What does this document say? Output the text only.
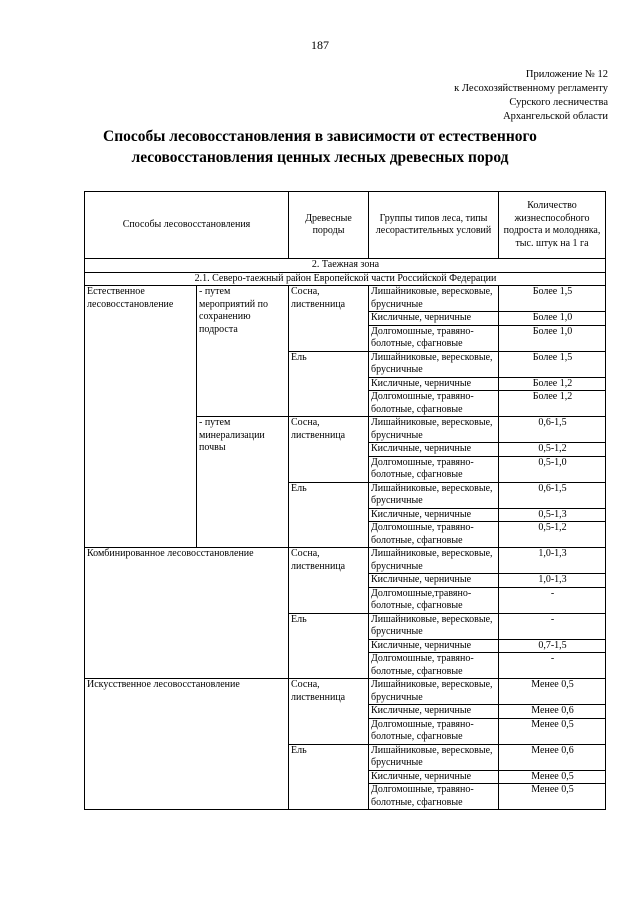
187
Приложение № 12
к Лесохозяйственному регламенту
Сурского лесничества
Архангельской области
Способы лесовосстановления в зависимости от естественного
лесовосстановления ценных лесных древесных пород
Способы лесовосстановления		Древесные породы	Группы типов леса, типы лесорастительных условий	Количество жизнеспособного подроста и молодняка, тыс. штук на 1 га
2. Таежная зона				
2.1. Северо-таежный район Европейской части Российской Федерации				
Естественное лесовосстановление	- путем мероприятий по сохранению подроста	Сосна, лиственница	Лишайниковые, вересковые, брусничные	Более 1,5
			Кисличные, черничные	Более 1,0
			Долгомошные, травяно-болотные, сфагновые	Более 1,0
		Ель	Лишайниковые, вересковые, брусничные	Более 1,5
			Кисличные, черничные	Более 1,2
			Долгомошные, травяно-болотные, сфагновые	Более 1,2
	- путем минерализации почвы	Сосна, лиственница	Лишайниковые, вересковые, брусничные	0,6-1,5
			Кисличные, черничные	0,5-1,2
			Долгомошные, травяно-болотные, сфагновые	0,5-1,0
		Ель	Лишайниковые, вересковые, брусничные	0,6-1,5
			Кисличные, черничные	0,5-1,3
			Долгомошные, травяно-болотные, сфагновые	0,5-1,2
Комбинированное лесовосстановление		Сосна, лиственница	Лишайниковые, вересковые, брусничные	1,0-1,3
			Кисличные, черничные	1,0-1,3
			Долгомошные,травяно-болотные, сфагновые	-
		Ель	Лишайниковые, вересковые, брусничные	-
			Кисличные, черничные	0,7-1,5
			Долгомошные, травяно-болотные, сфагновые	-
Искусственное лесовосстановление		Сосна, лиственница	Лишайниковые, вересковые, брусничные	Менее 0,5
			Кисличные, черничные	Менее 0,6
			Долгомошные, травяно-болотные, сфагновые	Менее 0,5
		Ель	Лишайниковые, вересковые, брусничные	Менее 0,6
			Кисличные, черничные	Менее 0,5
			Долгомошные, травяно-болотные, сфагновые	Менее 0,5
